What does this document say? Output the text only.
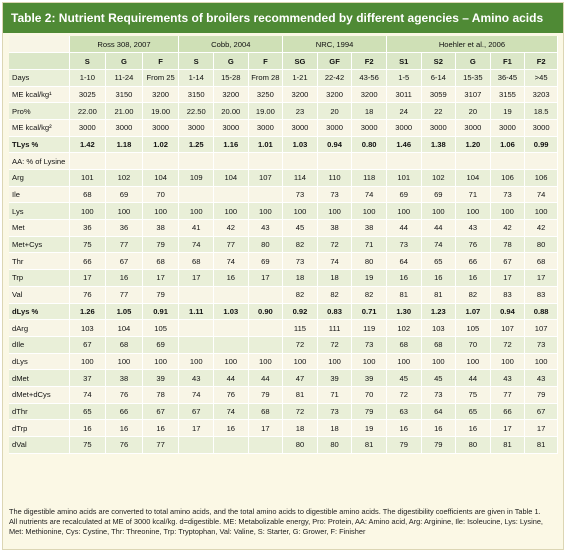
Table 2: Nutrient Requirements of broilers recommended by different agencies – Amino acids
	Ross 308, 2007			Cobb, 2004			NRC, 1994			Hoehler et al., 2006				
	S	G	F	S	G	F	SG	GF	F2	S1	S2	G	F1	F2
Days	1-10	11-24	From 25	1-14	15-28	From 28	1-21	22-42	43-56	1-5	6-14	15-35	36-45	>45
ME kcal/kg¹	3025	3150	3200	3150	3200	3250	3200	3200	3200	3011	3059	3107	3155	3203
Pro%	22.00	21.00	19.00	22.50	20.00	19.00	23	20	18	24	22	20	19	18.5
ME kcal/kg²	3000	3000	3000	3000	3000	3000	3000	3000	3000	3000	3000	3000	3000	3000
TLys %	1.42	1.18	1.02	1.25	1.16	1.01	1.03	0.94	0.80	1.46	1.38	1.20	1.06	0.99
AA: % of Lysine														
Arg	101	102	104	109	104	107	114	110	118	101	102	104	106	106
Ile	68	69	70				73	73	74	69	69	71	73	74
Lys	100	100	100	100	100	100	100	100	100	100	100	100	100	100
Met	36	36	38	41	42	43	45	38	38	44	44	43	42	42
Met+Cys	75	77	79	74	77	80	82	72	71	73	74	76	78	80
Thr	66	67	68	68	74	69	73	74	80	64	65	66	67	68
Trp	17	16	17	17	16	17	18	18	19	16	16	16	17	17
Val	76	77	79				82	82	82	81	81	82	83	83
dLys %	1.26	1.05	0.91	1.11	1.03	0.90	0.92	0.83	0.71	1.30	1.23	1.07	0.94	0.88
dArg	103	104	105				115	111	119	102	103	105	107	107
dIle	67	68	69				72	72	73	68	68	70	72	73
dLys	100	100	100	100	100	100	100	100	100	100	100	100	100	100
dMet	37	38	39	43	44	44	47	39	39	45	45	44	43	43
dMet+dCys	74	76	78	74	76	79	81	71	70	72	73	75	77	79
dThr	65	66	67	67	74	68	72	73	79	63	64	65	66	67
dTrp	16	16	16	17	16	17	18	18	19	16	16	16	17	17
dVal	75	76	77				80	80	81	79	79	80	81	81
The digestible amino acids are converted to total amino acids, and the total amino acids to digestible amino acids. The digestibility coefficients are given in Table 1.
All nutrients are recalculated at ME of 3000 kcal/kg. d=digestible. ME: Metabolizable energy, Pro: Protein, AA: Amino acid, Arg: Arginine, Ile: Isoleucine, Lys: Lysine,
Met: Methionine, Cys: Cystine, Thr: Threonine, Trp: Tryptophan, Val: Valine, S: Starter, G: Grower, F: Finisher
